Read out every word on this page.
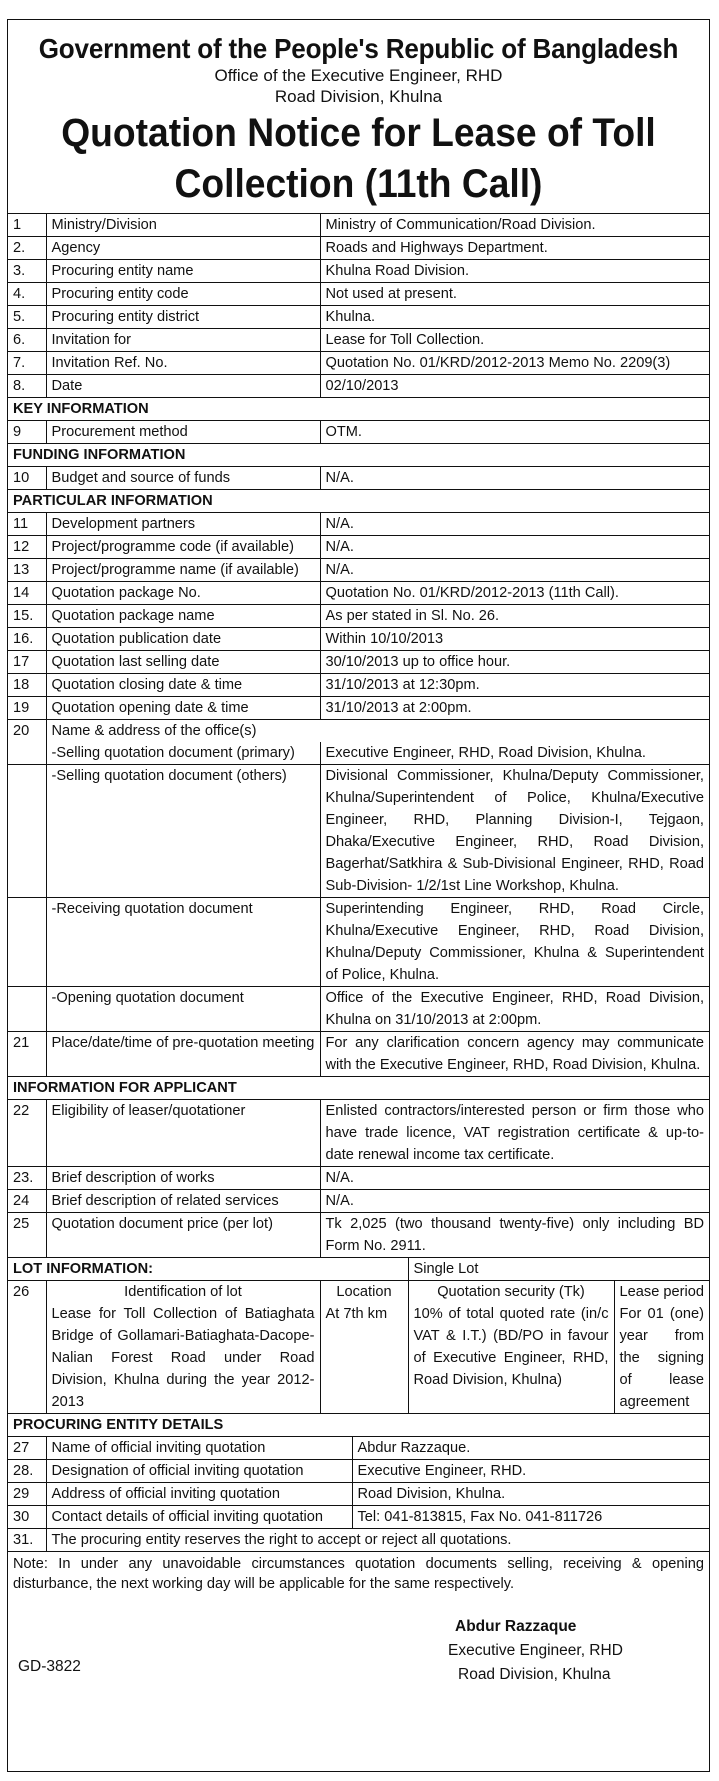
Government of the People's Republic of Bangladesh
Office of the Executive Engineer, RHD
Road Division, Khulna
Quotation Notice for Lease of Toll
Collection (11th Call)
1	Ministry/Division	Ministry of Communication/Road Division.			
2.	Agency	Roads and Highways Department.			
3.	Procuring entity name	Khulna Road Division.			
4.	Procuring entity code	Not used at present.			
5.	Procuring entity district	Khulna.			
6.	Invitation for	Lease for Toll Collection.			
7.	Invitation Ref. No.	Quotation No. 01/KRD/2012-2013 Memo No. 2209(3)			
8.	Date	02/10/2013			
KEY INFORMATION					
9	Procurement method	OTM.			
FUNDING INFORMATION					
10	Budget and source of funds	N/A.			
PARTICULAR INFORMATION					
11	Development partners	N/A.			
12	Project/programme code (if available)	N/A.			
13	Project/programme name (if available)	N/A.			
14	Quotation package No.	Quotation No. 01/KRD/2012-2013 (11th Call).			
15.	Quotation package name	As per stated in Sl. No. 26.			
16.	Quotation publication date	Within 10/10/2013			
17	Quotation last selling date	30/10/2013 up to office hour.			
18	Quotation closing date & time	31/10/2013 at 12:30pm.			
19	Quotation opening date & time	31/10/2013 at 2:00pm.			
20	Name & address of the office(s)				
	-Selling quotation document (primary)	Executive Engineer, RHD, Road Division, Khulna.			
	-Selling quotation document (others)	Divisional Commissioner, Khulna/Deputy Commissioner, Khulna/Superintendent of Police, Khulna/Executive Engineer, RHD, Planning Division-I, Tejgaon, Dhaka/Executive Engineer, RHD, Road Division, Bagerhat/Satkhira & Sub-Divisional Engineer, RHD, Road Sub-Division- 1/2/1st Line Workshop, Khulna.			
	-Receiving quotation document	Superintending Engineer, RHD, Road Circle, Khulna/Executive Engineer, RHD, Road Division, Khulna/Deputy Commissioner, Khulna & Superintendent of Police, Khulna.			
	-Opening quotation document	Office of the Executive Engineer, RHD, Road Division, Khulna on 31/10/2013 at 2:00pm.			
21	Place/date/time of pre-quotation meeting	For any clarification concern agency may communicate with the Executive Engineer, RHD, Road Division, Khulna.			
INFORMATION FOR APPLICANT					
22	Eligibility of leaser/quotationer	Enlisted contractors/interested person or firm those who have trade licence, VAT registration certificate & up-to-date renewal income tax certificate.			
23.	Brief description of works	N/A.			
24	Brief description of related services	N/A.			
25	Quotation document price (per lot)	Tk 2,025 (two thousand twenty-five) only including BD Form No. 2911.			
LOT INFORMATION:				Single Lot	
26	Identification of lot	Location		Quotation security (Tk)	Lease period
	Lease for Toll Collection of Batiaghata Bridge of Gollamari-Batiaghata-Dacope-Nalian Forest Road under Road Division, Khulna during the year 2012-2013	At 7th km		10% of total quoted rate (in/c VAT & I.T.) (BD/PO in favour of Executive Engineer, RHD, Road Division, Khulna)	For 01 (one) year from the signing of lease agreement
PROCURING ENTITY DETAILS					
27	Name of official inviting quotation		Abdur Razzaque.		
28.	Designation of official inviting quotation		Executive Engineer, RHD.		
29	Address of official inviting quotation		Road Division, Khulna.		
30	Contact details of official inviting quotation		Tel: 041-813815, Fax No. 041-811726		
31.	The procuring entity reserves the right to accept or reject all quotations.				
Note: In under any unavoidable circumstances quotation documents selling, receiving & opening disturbance, the next working day will be applicable for the same respectively.
Abdur Razzaque
Executive Engineer, RHD
Road Division, Khulna
GD-3822
